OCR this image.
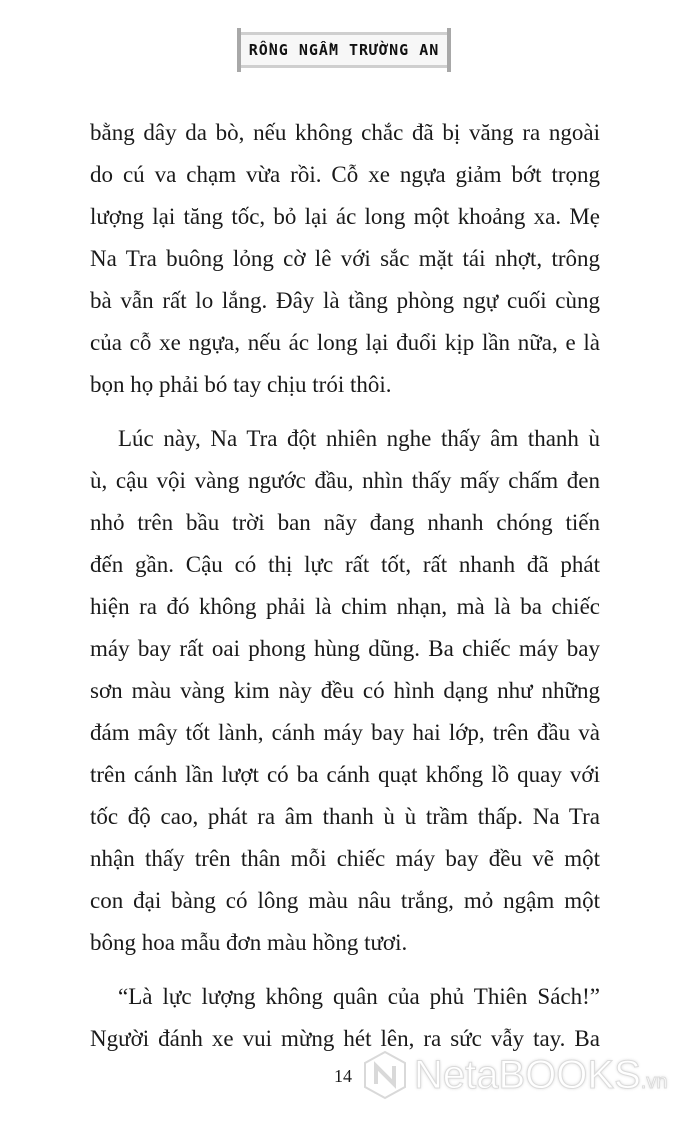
RỒNG NGẦM TRƯỜNG AN
bằng dây da bò, nếu không chắc đã bị văng ra ngoài
do cú va chạm vừa rồi. Cỗ xe ngựa giảm bớt trọng
lượng lại tăng tốc, bỏ lại ác long một khoảng xa. Mẹ
Na Tra buông lỏng cờ lê với sắc mặt tái nhợt, trông
bà vẫn rất lo lắng. Đây là tầng phòng ngự cuối cùng
của cỗ xe ngựa, nếu ác long lại đuổi kịp lần nữa, e là
bọn họ phải bó tay chịu trói thôi.
Lúc này, Na Tra đột nhiên nghe thấy âm thanh ù
ù, cậu vội vàng ngước đầu, nhìn thấy mấy chấm đen
nhỏ trên bầu trời ban nãy đang nhanh chóng tiến
đến gần. Cậu có thị lực rất tốt, rất nhanh đã phát
hiện ra đó không phải là chim nhạn, mà là ba chiếc
máy bay rất oai phong hùng dũng. Ba chiếc máy bay
sơn màu vàng kim này đều có hình dạng như những
đám mây tốt lành, cánh máy bay hai lớp, trên đầu và
trên cánh lần lượt có ba cánh quạt khổng lồ quay với
tốc độ cao, phát ra âm thanh ù ù trầm thấp. Na Tra
nhận thấy trên thân mỗi chiếc máy bay đều vẽ một
con đại bàng có lông màu nâu trắng, mỏ ngậm một
bông hoa mẫu đơn màu hồng tươi.
“Là lực lượng không quân của phủ Thiên Sách!”
Người đánh xe vui mừng hét lên, ra sức vẫy tay. Ba
14 NetaBOOKS.vn
